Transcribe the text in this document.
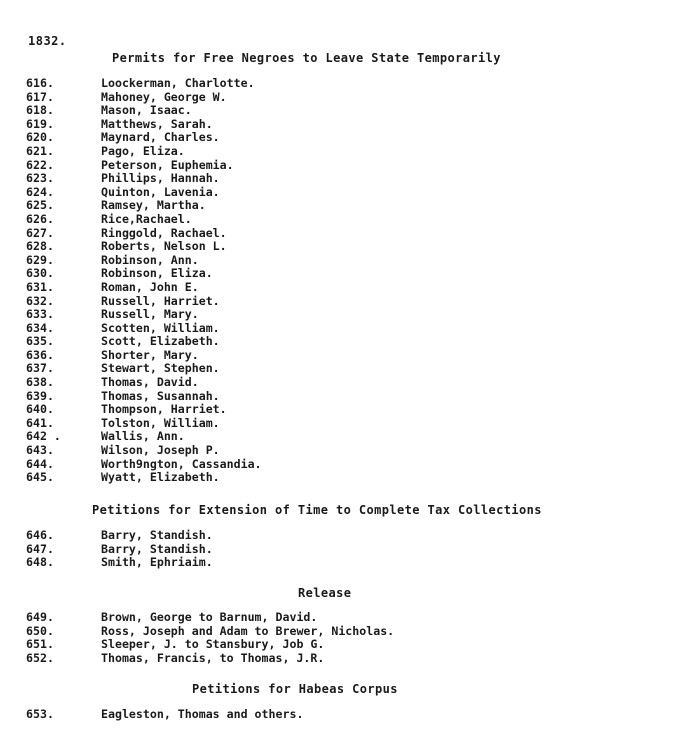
1832.
Permits for Free Negroes to Leave State Temporarily
616.	Loockerman, Charlotte.
617.	Mahoney, George W.
618.	Mason, Isaac.
619.	Matthews, Sarah.
620.	Maynard, Charles.
621.	Pago, Eliza.
622.	Peterson, Euphemia.
623.	Phillips, Hannah.
624.	Quinton, Lavenia.
625.	Ramsey, Martha.
626.	Rice,Rachael.
627.	Ringgold, Rachael.
628.	Roberts, Nelson L.
629.	Robinson, Ann.
630.	Robinson, Eliza.
631.	Roman, John E.
632.	Russell, Harriet.
633.	Russell, Mary.
634.	Scotten, William.
635.	Scott, Elizabeth.
636.	Shorter, Mary.
637.	Stewart, Stephen.
638.	Thomas, David.
639.	Thomas, Susannah.
640.	Thompson, Harriet.
641.	Tolston, William.
642 .	Wallis, Ann.
643.	Wilson, Joseph P.
644.	Worth9ngton, Cassandia.
645.	Wyatt, Elizabeth.
Petitions for Extension of Time to Complete Tax Collections
646.	Barry, Standish.
647.	Barry, Standish.
648.	Smith, Ephriaim.
Release
649.	Brown, George to Barnum, David.
650.	Ross, Joseph and Adam to Brewer, Nicholas.
651.	Sleeper, J. to Stansbury, Job G.
652.	Thomas, Francis, to Thomas, J.R.
Petitions for Habeas Corpus
653.	Eagleston, Thomas and others.
